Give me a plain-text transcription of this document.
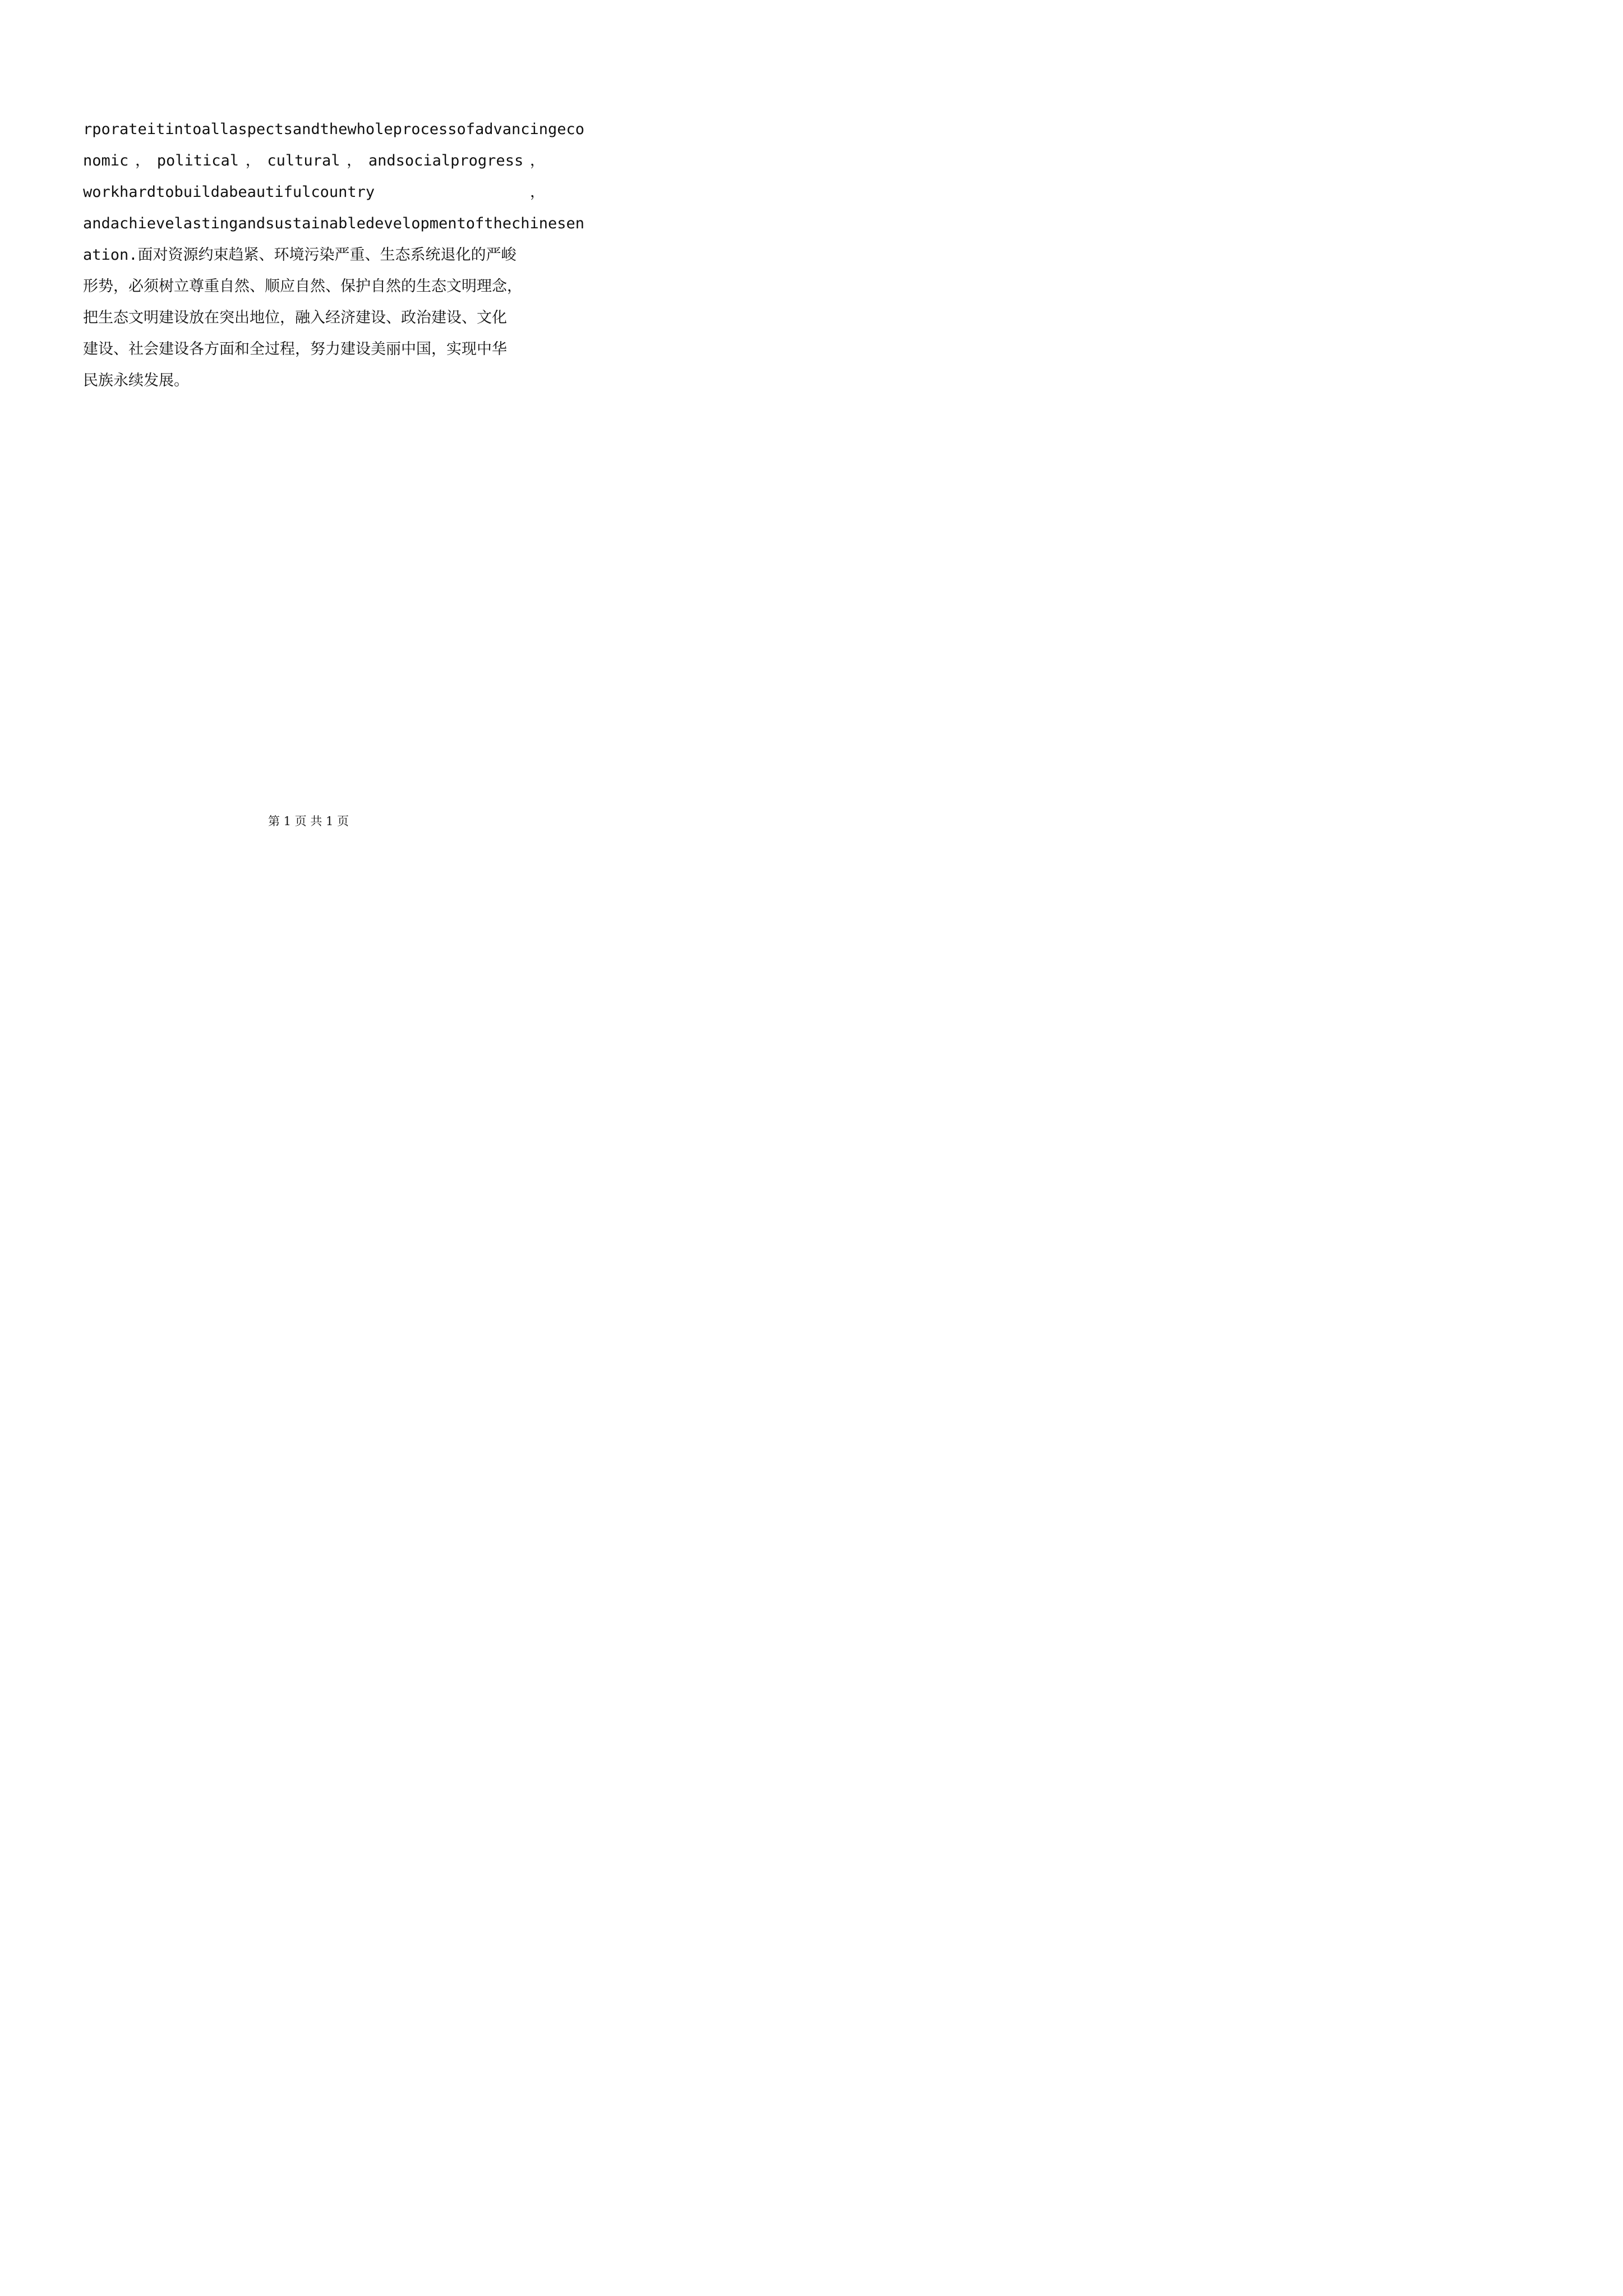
rporateitintoallaspectsandthewholeprocessofadvancingeco
nomic ， political ， cultural ， andsocialprogress ，
workhardtobuildabeautifulcountry	，
andachievelastingandsustainabledevelopmentofthechinesen
ation.面对资源约束趋紧、环境污染严重、生态系统退化的严峻
形势，必须树立尊重自然、顺应自然、保护自然的生态文明理念，
把生态文明建设放在突出地位，融入经济建设、政治建设、文化
建设、社会建设各方面和全过程，努力建设美丽中国，实现中华
民族永续发展。
第 1 页 共 1 页
